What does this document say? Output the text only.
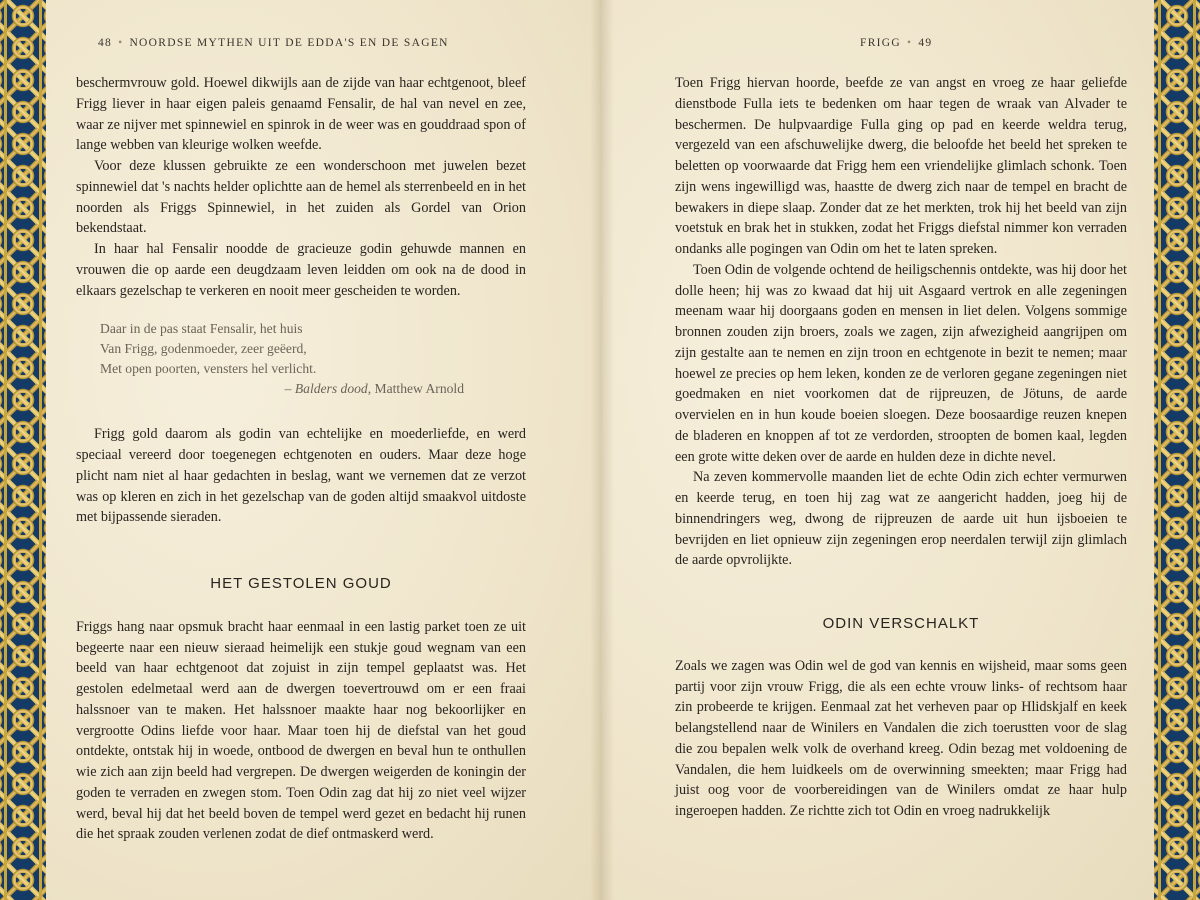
48 • NOORDSE MYTHEN UIT DE EDDA'S EN DE SAGEN	FRIGG • 49

beschermvrouw gold. Hoewel dikwijls aan de zijde van haar echtgenoot, bleef Frigg liever in haar eigen paleis genaamd Fensalir, de hal van nevel en zee, waar ze nijver met spinnewiel en spinrok in de weer was en gouddraad spon of lange webben van kleurige wolken weefde.

Voor deze klussen gebruikte ze een wonderschoon met juwelen bezet spinnewiel dat 's nachts helder oplichtte aan de hemel als sterrenbeeld en in het noorden als Friggs Spinnewiel, in het zuiden als Gordel van Orion bekendstaat.

In haar hal Fensalir noodde de gracieuze godin gehuwde mannen en vrouwen die op aarde een deugdzaam leven leidden om ook na de dood in elkaars gezelschap te verkeren en nooit meer gescheiden te worden.

Daar in de pas staat Fensalir, het huis
Van Frigg, godenmoeder, zeer geëerd,
Met open poorten, vensters hel verlicht.
– Balders dood, Matthew Arnold

Frigg gold daarom als godin van echtelijke en moederliefde, en werd speciaal vereerd door toegenegen echtgenoten en ouders. Maar deze hoge plicht nam niet al haar gedachten in beslag, want we vernemen dat ze verzot was op kleren en zich in het gezelschap van de goden altijd smaakvol uitdoste met bijpassende sieraden.

HET GESTOLEN GOUD

Friggs hang naar opsmuk bracht haar eenmaal in een lastig parket toen ze uit begeerte naar een nieuw sieraad heimelijk een stukje goud wegnam van een beeld van haar echtgenoot dat zojuist in zijn tempel geplaatst was. Het gestolen edelmetaal werd aan de dwergen toevertrouwd om er een fraai halssnoer van te maken. Het halssnoer maakte haar nog bekoorlijker en vergrootte Odins liefde voor haar. Maar toen hij de diefstal van het goud ontdekte, ontstak hij in woede, ontbood de dwergen en beval hun te onthullen wie zich aan zijn beeld had vergrepen. De dwergen weigerden de koningin der goden te verraden en zwegen stom. Toen Odin zag dat hij zo niet veel wijzer werd, beval hij dat het beeld boven de tempel werd gezet en bedacht hij runen die het spraak zouden verlenen zodat de dief ontmaskerd werd.

Toen Frigg hiervan hoorde, beefde ze van angst en vroeg ze haar geliefde dienstbode Fulla iets te bedenken om haar tegen de wraak van Alvader te beschermen. De hulpvaardige Fulla ging op pad en keerde weldra terug, vergezeld van een afschuwelijke dwerg, die beloofde het beeld het spreken te beletten op voorwaarde dat Frigg hem een vriendelijke glimlach schonk. Toen zijn wens ingewilligd was, haastte de dwerg zich naar de tempel en bracht de bewakers in diepe slaap. Zonder dat ze het merkten, trok hij het beeld van zijn voetstuk en brak het in stukken, zodat het Friggs diefstal nimmer kon verraden ondanks alle pogingen van Odin om het te laten spreken.

Toen Odin de volgende ochtend de heiligschennis ontdekte, was hij door het dolle heen; hij was zo kwaad dat hij uit Asgaard vertrok en alle zegeningen meenam waar hij doorgaans goden en mensen in liet delen. Volgens sommige bronnen zouden zijn broers, zoals we zagen, zijn afwezigheid aangrijpen om zijn gestalte aan te nemen en zijn troon en echtgenote in bezit te nemen; maar hoewel ze precies op hem leken, konden ze de verloren gegane zegeningen niet goedmaken en niet voorkomen dat de rijpreuzen, de Jötuns, de aarde overvielen en in hun koude boeien sloegen. Deze boosaardige reuzen knepen de bladeren en knoppen af tot ze verdorden, stroopten de bomen kaal, legden een grote witte deken over de aarde en hulden deze in dichte nevel.

Na zeven kommervolle maanden liet de echte Odin zich echter vermurwen en keerde terug, en toen hij zag wat ze aangericht hadden, joeg hij de binnendringers weg, dwong de rijpreuzen de aarde uit hun ijsboeien te bevrijden en liet opnieuw zijn zegeningen erop neerdalen terwijl zijn glimlach de aarde opvrolijkte.

ODIN VERSCHALKT

Zoals we zagen was Odin wel de god van kennis en wijsheid, maar soms geen partij voor zijn vrouw Frigg, die als een echte vrouw links- of rechtsom haar zin probeerde te krijgen. Eenmaal zat het verheven paar op Hlidskjalf en keek belangstellend naar de Winilers en Vandalen die zich toerustten voor de slag die zou bepalen welk volk de overhand kreeg. Odin bezag met voldoening de Vandalen, die hem luidkeels om de overwinning smeekten; maar Frigg had juist oog voor de voorbereidingen van de Winilers omdat ze haar hulp ingeroepen hadden. Ze richtte zich tot Odin en vroeg nadrukkelijk
